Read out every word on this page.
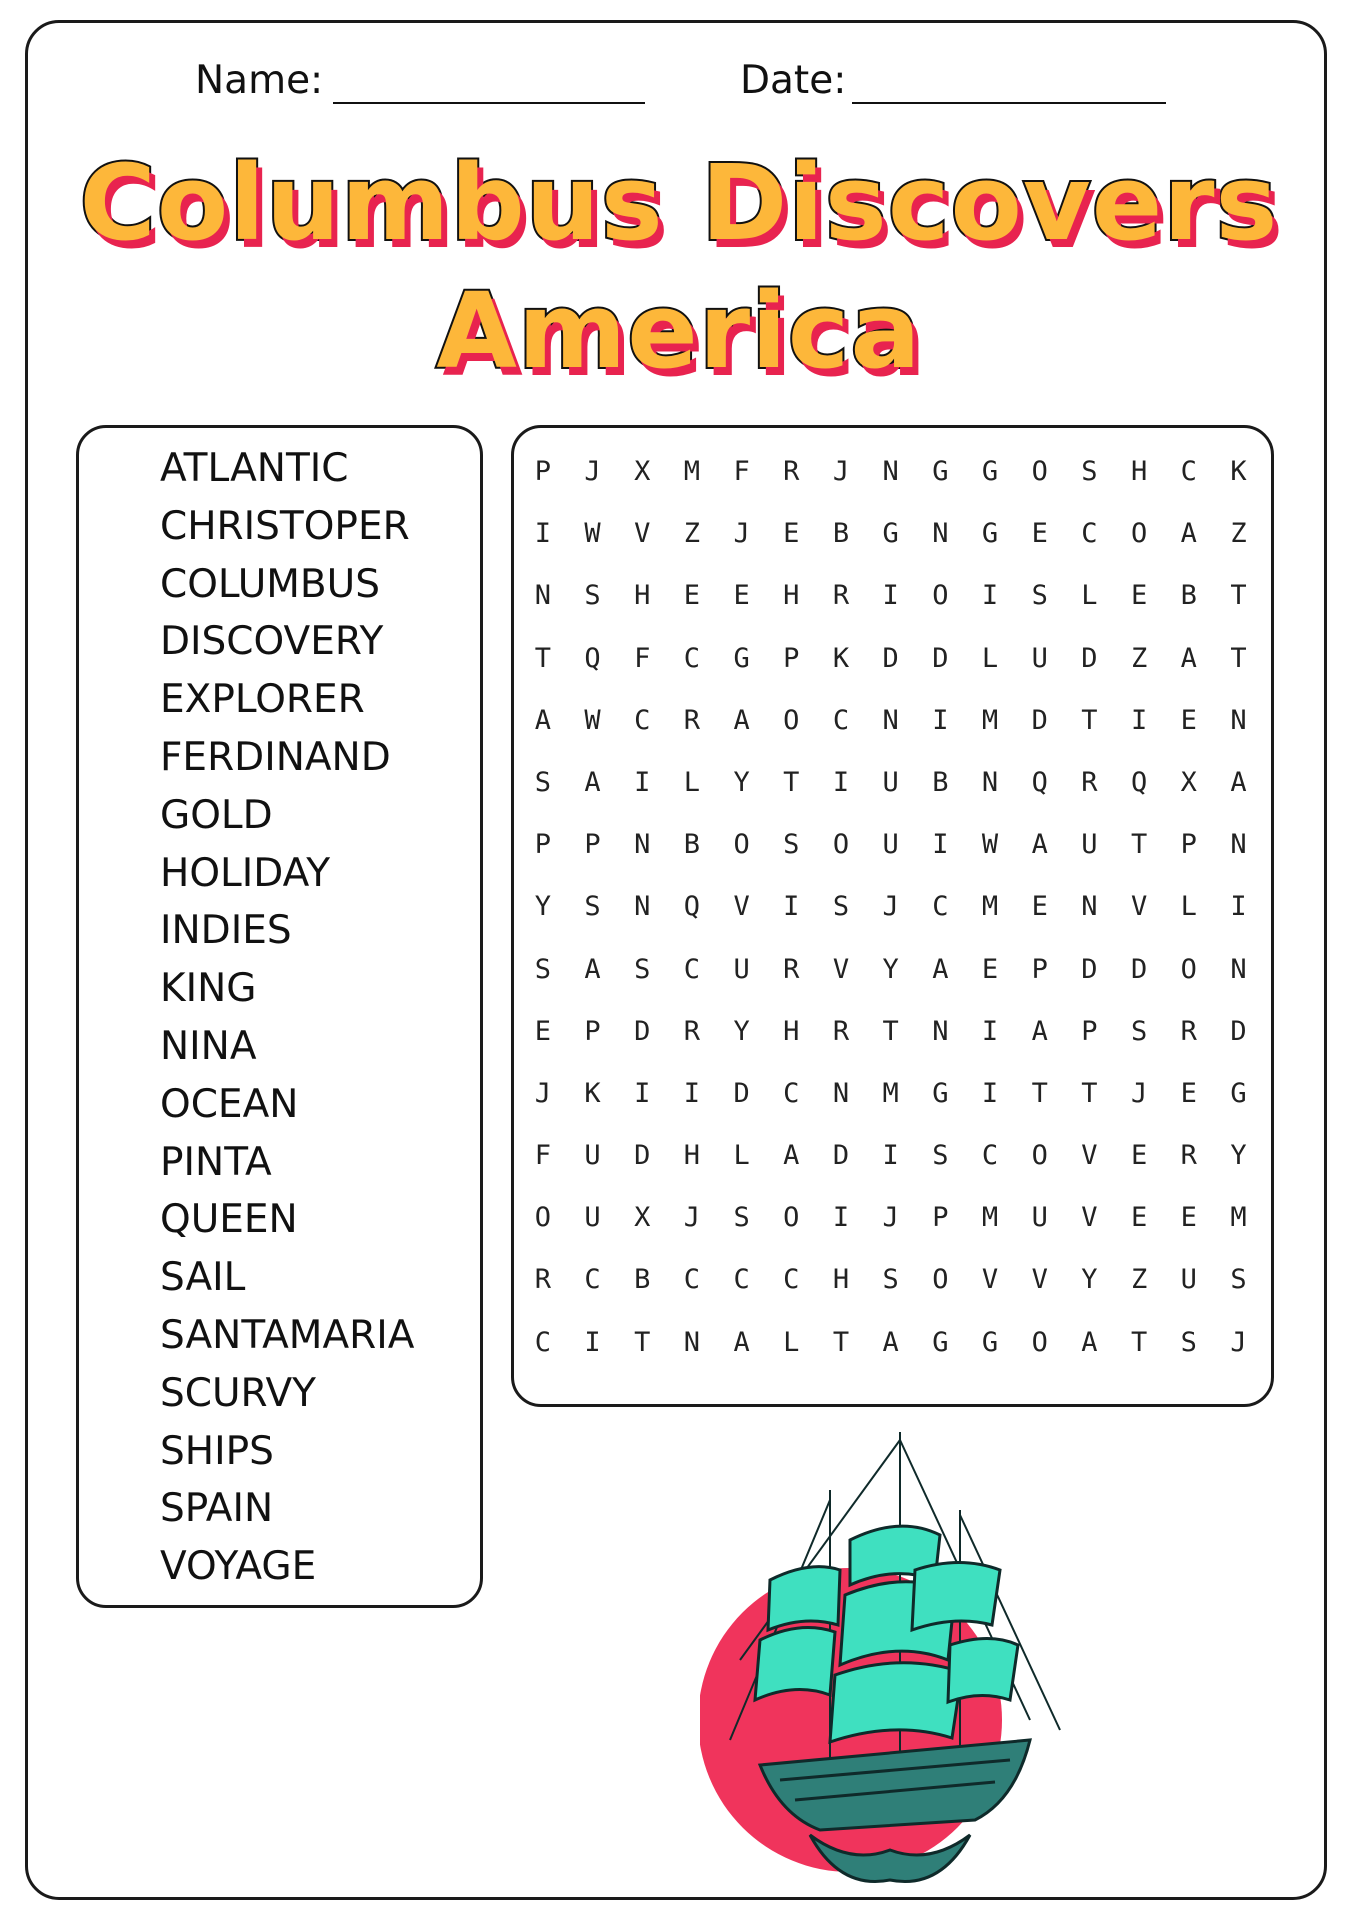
Name:	Date:
Columbus Discovers
America
ATLANTIC
CHRISTOPER
COLUMBUS
DISCOVERY
EXPLORER
FERDINAND
GOLD
HOLIDAY
INDIES
KING
NINA
OCEAN
PINTA
QUEEN
SAIL
SANTAMARIA
SCURVY
SHIPS
SPAIN
VOYAGE
P	J	X	M	F	R	J	N	G	G	O	S	H	C	K
I	W	V	Z	J	E	B	G	N	G	E	C	O	A	Z
N	S	H	E	E	H	R	I	O	I	S	L	E	B	T
T	Q	F	C	G	P	K	D	D	L	U	D	Z	A	T
A	W	C	R	A	O	C	N	I	M	D	T	I	E	N
S	A	I	L	Y	T	I	U	B	N	Q	R	Q	X	A
P	P	N	B	O	S	O	U	I	W	A	U	T	P	N
Y	S	N	Q	V	I	S	J	C	M	E	N	V	L	I
S	A	S	C	U	R	V	Y	A	E	P	D	D	O	N
E	P	D	R	Y	H	R	T	N	I	A	P	S	R	D
J	K	I	I	D	C	N	M	G	I	T	T	J	E	G
F	U	D	H	L	A	D	I	S	C	O	V	E	R	Y
O	U	X	J	S	O	I	J	P	M	U	V	E	E	M
R	C	B	C	C	C	H	S	O	V	V	Y	Z	U	S
C	I	T	N	A	L	T	A	G	G	O	A	T	S	J
